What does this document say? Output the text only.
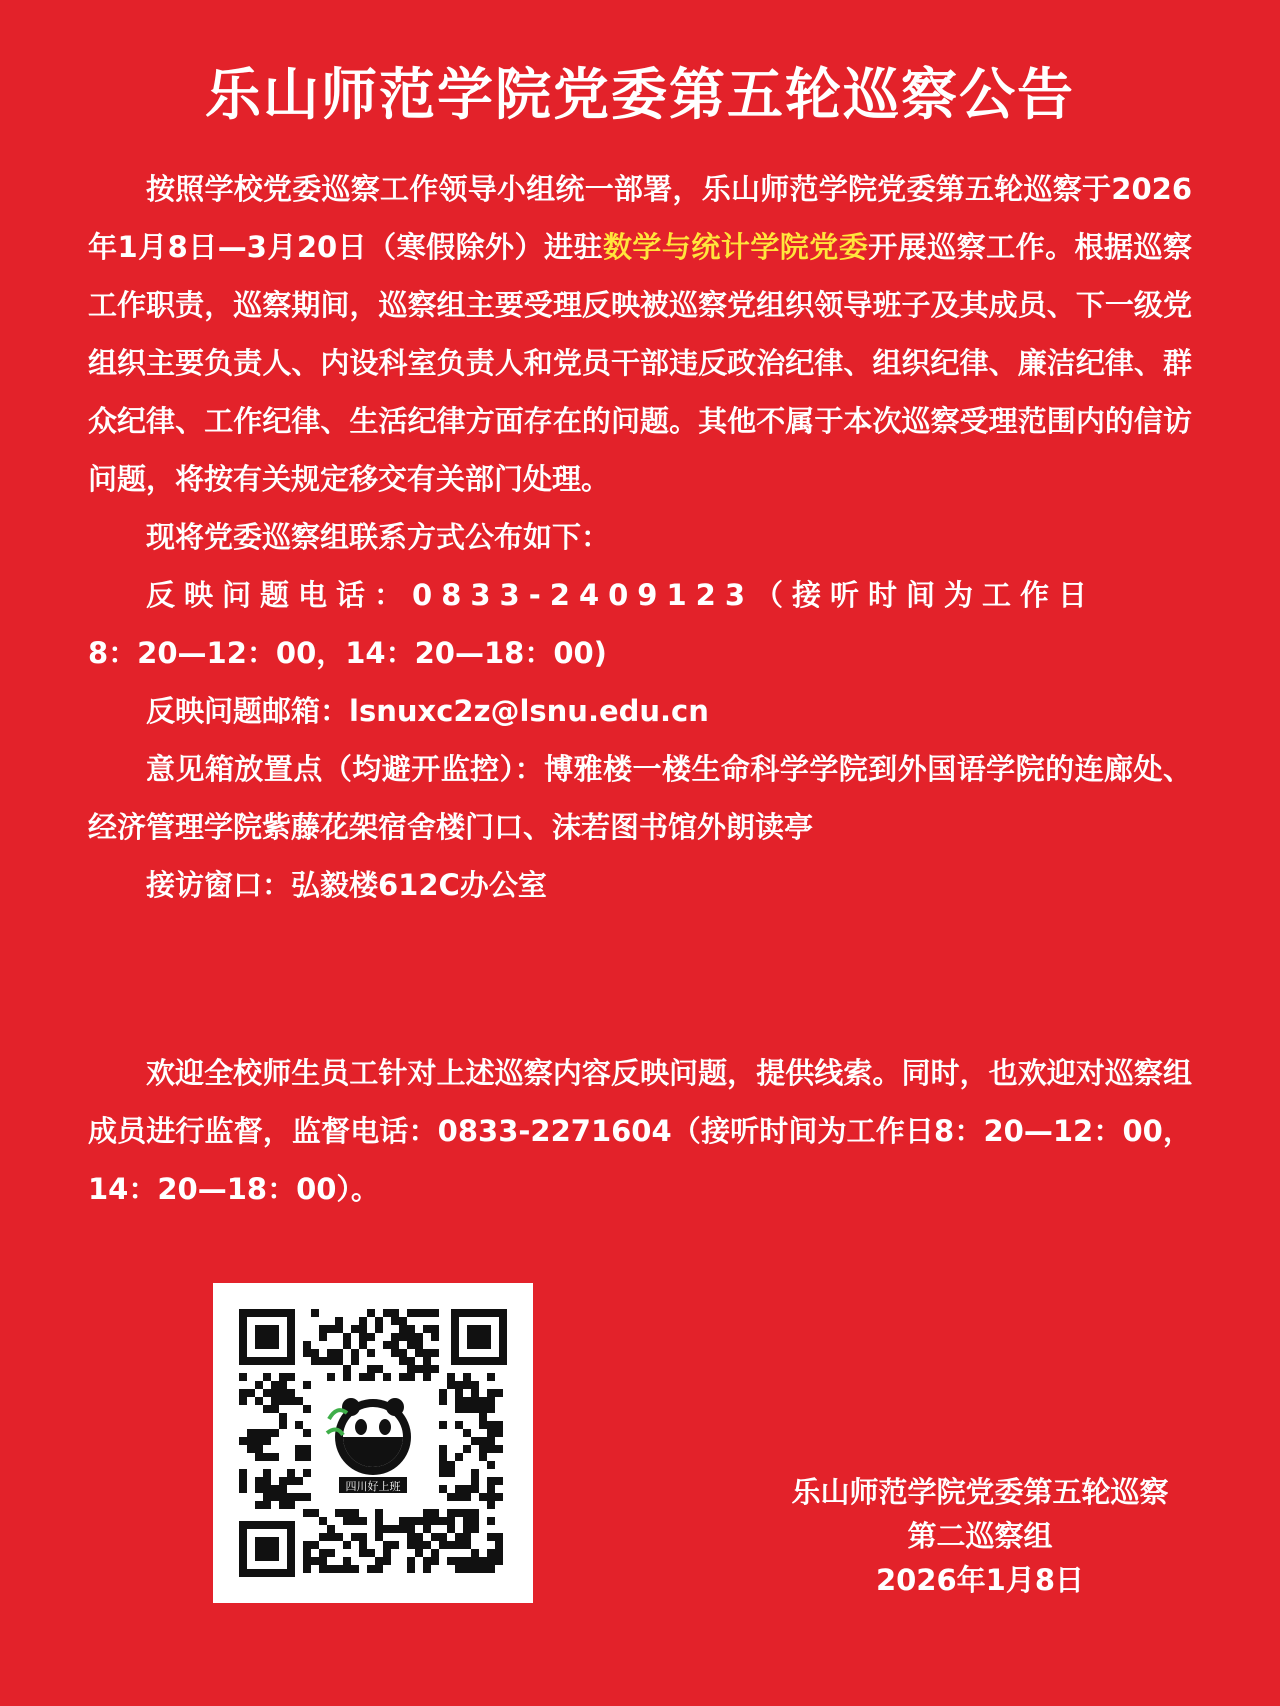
乐山师范学院党委第五轮巡察公告

按照学校党委巡察工作领导小组统一部署，乐山师范学院党委第五轮巡察于2026年1月8日—3月20日（寒假除外）进驻数学与统计学院党委开展巡察工作。根据巡察工作职责，巡察期间，巡察组主要受理反映被巡察党组织领导班子及其成员、下一级党组织主要负责人、内设科室负责人和党员干部违反政治纪律、组织纪律、廉洁纪律、群众纪律、工作纪律、生活纪律方面存在的问题。其他不属于本次巡察受理范围内的信访问题，将按有关规定移交有关部门处理。

现将党委巡察组联系方式公布如下：

反映问题电话：0833-2409123（接听时间为工作日

8：20—12：00，14：20—18：00)

反映问题邮箱：lsnuxc2z@lsnu.edu.cn

意见箱放置点（均避开监控）：博雅楼一楼生命科学学院到外国语学院的连廊处、经济管理学院紫藤花架宿舍楼门口、沫若图书馆外朗读亭

接访窗口：弘毅楼612C办公室

欢迎全校师生员工针对上述巡察内容反映问题，提供线索。同时，也欢迎对巡察组成员进行监督，监督电话：0833-2271604（接听时间为工作日8：20—12：00，14：20—18：00）。

四川好上班	乐山师范学院党委第五轮巡察
第二巡察组
2026年1月8日
